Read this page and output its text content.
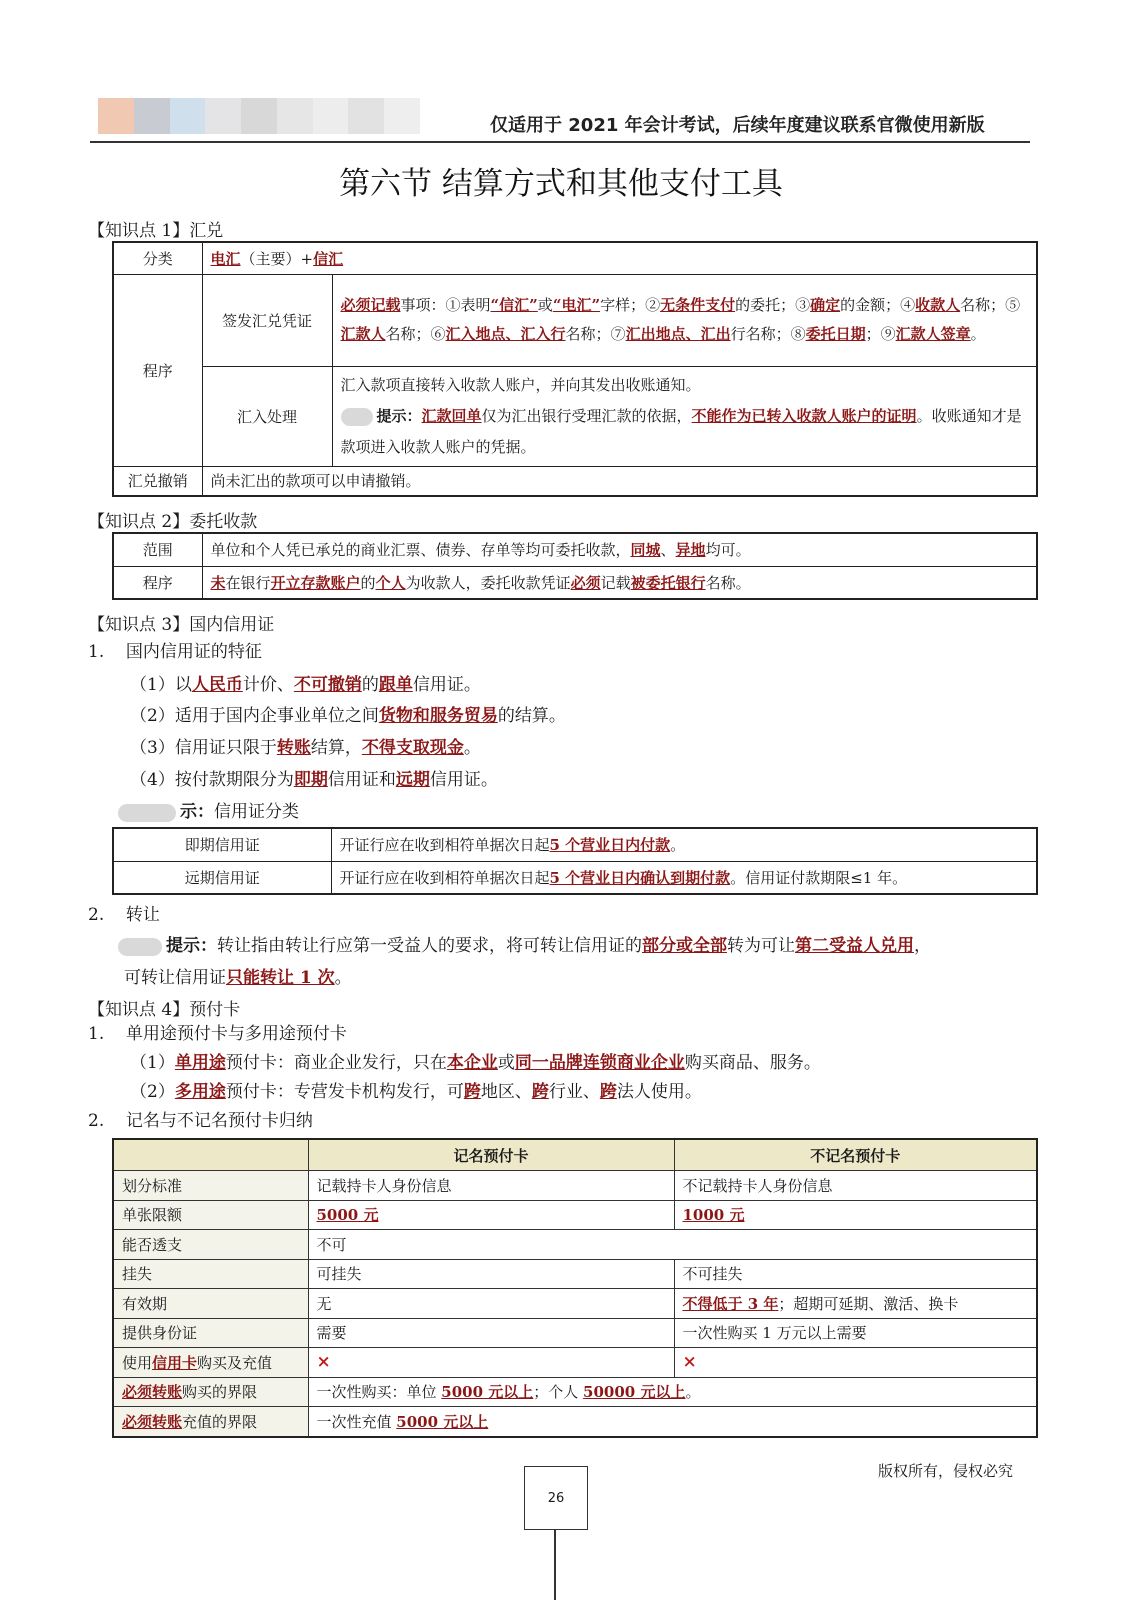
仅适用于 2021 年会计考试，后续年度建议联系官微使用新版
第六节 结算方式和其他支付工具
【知识点 1】汇兑
分类	电汇（主要）+信汇	
程序	签发汇兑凭证	必须记载事项：①表明“信汇”或“电汇”字样；②无条件支付的委托；③确定的金额；④收款人名称；⑤汇款人名称；⑥汇入地点、汇入行名称；⑦汇出地点、汇出行名称；⑧委托日期；⑨汇款人签章。
	汇入处理	汇入款项直接转入收款人账户，并向其发出收账通知。
提示：汇款回单仅为汇出银行受理汇款的依据，不能作为已转入收款人账户的证明。收账通知才是款项进入收款人账户的凭据。

汇兑撤销	尚未汇出的款项可以申请撤销。	
【知识点 2】委托收款
范围	单位和个人凭已承兑的商业汇票、债券、存单等均可委托收款，同城、异地均可。
程序	未在银行开立存款账户的个人为收款人，委托收款凭证必须记载被委托银行名称。
【知识点 3】国内信用证
1. 国内信用证的特征
（1）以人民币计价、不可撤销的跟单信用证。
（2）适用于国内企事业单位之间货物和服务贸易的结算。
（3）信用证只限于转账结算，不得支取现金。
（4）按付款期限分为即期信用证和远期信用证。
示：信用证分类
即期信用证	开证行应在收到相符单据次日起5 个营业日内付款。
远期信用证	开证行应在收到相符单据次日起5 个营业日内确认到期付款。信用证付款期限≤1 年。
2. 转让
提示：转让指由转让行应第一受益人的要求，将可转让信用证的部分或全部转为可让第二受益人兑用，
可转让信用证只能转让 1 次。
【知识点 4】预付卡
1. 单用途预付卡与多用途预付卡
（1）单用途预付卡：商业企业发行，只在本企业或同一品牌连锁商业企业购买商品、服务。
（2）多用途预付卡：专营发卡机构发行，可跨地区、跨行业、跨法人使用。
2. 记名与不记名预付卡归纳
	记名预付卡	不记名预付卡
划分标准	记载持卡人身份信息	不记载持卡人身份信息
单张限额	5000 元	1000 元
能否透支	不可	
挂失	可挂失	不可挂失
有效期	无	不得低于 3 年；超期可延期、激活、换卡
提供身份证	需要	一次性购买 1 万元以上需要
使用信用卡购买及充值	×	×
必须转账购买的界限	一次性购买：单位 5000 元以上；个人 50000 元以上。	
必须转账充值的界限	一次性充值 5000 元以上	
版权所有，侵权必究
26
